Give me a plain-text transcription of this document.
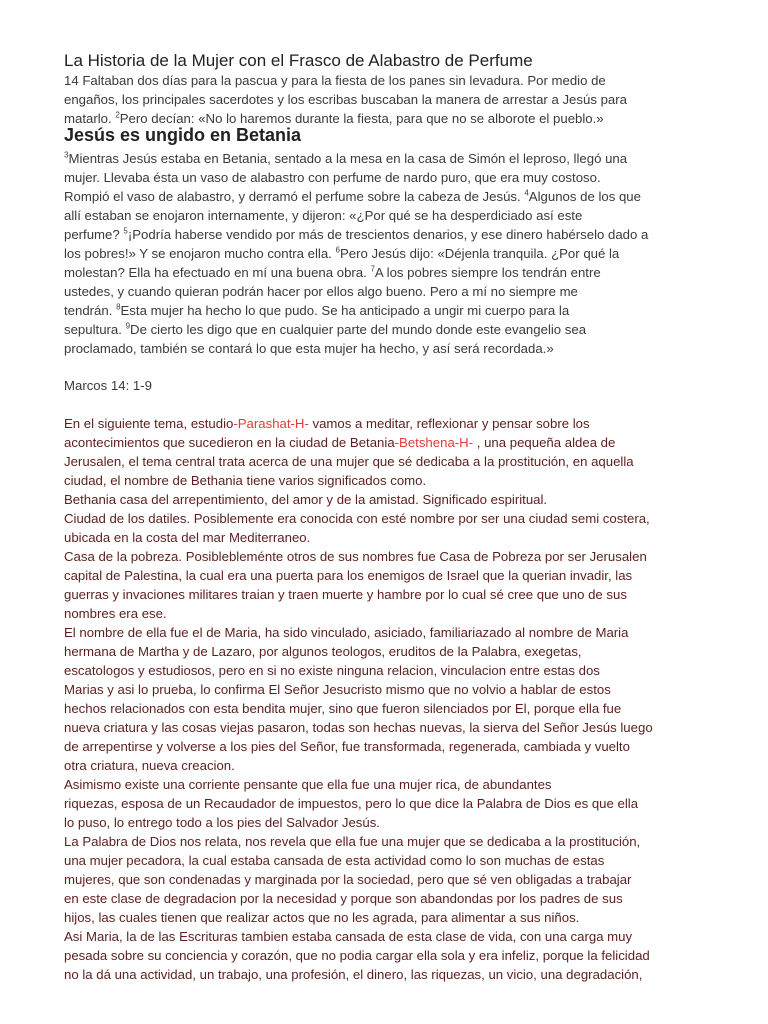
La Historia de la Mujer con el Frasco de Alabastro de Perfume

14 Faltaban dos días para la pascua y para la fiesta de los panes sin levadura. Por medio de

engaños, los principales sacerdotes y los escribas buscaban la manera de arrestar a Jesús para

matarlo. $^2$Pero decían: «No lo haremos durante la fiesta, para que no se alborote el pueblo.»

Jesús es ungido en Betania

$^3$Mientras Jesús estaba en Betania, sentado a la mesa en la casa de Simón el leproso, llegó una

mujer. Llevaba ésta un vaso de alabastro con perfume de nardo puro, que era muy costoso.

Rompió el vaso de alabastro, y derramó el perfume sobre la cabeza de Jesús. $^4$Algunos de los que

allí estaban se enojaron internamente, y dijeron: «¿Por qué se ha desperdiciado así este

perfume? $^5$¡Podría haberse vendido por más de trescientos denarios, y ese dinero habérselo dado a

los pobres!» Y se enojaron mucho contra ella. $^6$Pero Jesús dijo: «Déjenla tranquila. ¿Por qué la

molestan? Ella ha efectuado en mí una buena obra. $^7$A los pobres siempre los tendrán entre

ustedes, y cuando quieran podrán hacer por ellos algo bueno. Pero a mí no siempre me

tendrán. $^8$Esta mujer ha hecho lo que pudo. Se ha anticipado a ungir mi cuerpo para la

sepultura. $^9$De cierto les digo que en cualquier parte del mundo donde este evangelio sea

proclamado, también se contará lo que esta mujer ha hecho, y así será recordada.»

Marcos 14: 1-9

En el siguiente tema, estudio-Parashat-H- vamos a meditar, reflexionar y pensar sobre los

acontecimientos que sucedieron en la ciudad de Betania-Betshena-H- , una pequeña aldea de

Jerusalen, el tema central trata acerca de una mujer que sé dedicaba a la prostitución, en aquella

ciudad, el nombre de Bethania tiene varios significados como.

Bethania casa del arrepentimiento, del amor y de la amistad. Significado espiritual.

Ciudad de los datiles. Posiblemente era conocida con esté nombre por ser una ciudad semi costera,

ubicada en la costa del mar Mediterraneo.

Casa de la pobreza. Posiblebleménte otros de sus nombres fue Casa de Pobreza por ser Jerusalen

capital de Palestina, la cual era una puerta para los enemigos de Israel que la querian invadir, las

guerras y invaciones militares traian y traen muerte y hambre por lo cual sé cree que uno de sus

nombres era ese.

El nombre de ella fue el de Maria, ha sido vinculado, asiciado, familiariazado al nombre de Maria

hermana de Martha y de Lazaro, por algunos teologos, eruditos de la Palabra, exegetas,

escatologos y estudiosos, pero en si no existe ninguna relacion, vinculacion entre estas dos

Marias y asi lo prueba, lo confirma El Señor Jesucristo mismo que no volvio a hablar de estos

hechos relacionados con esta bendita mujer, sino que fueron silenciados por El, porque ella fue

nueva criatura y las cosas viejas pasaron, todas son hechas nuevas, la sierva del Señor Jesús luego

de arrepentirse y volverse a los pies del Señor, fue transformada, regenerada, cambiada y vuelto

otra criatura, nueva creacion.

Asimismo existe una corriente pensante que ella fue una mujer rica, de abundantes

riquezas, esposa de un Recaudador de impuestos, pero lo que dice la Palabra de Dios es que ella

lo puso, lo entrego todo a los pies del Salvador Jesús.

La Palabra de Dios nos relata, nos revela que ella fue una mujer que se dedicaba a la prostitución,

una mujer pecadora, la cual estaba cansada de esta actividad como lo son muchas de estas

mujeres, que son condenadas y marginada por la sociedad, pero que sé ven obligadas a trabajar

en este clase de degradacion por la necesidad y porque son abandondas por los padres de sus

hijos, las cuales tienen que realizar actos que no les agrada, para alimentar a sus niños.

Asi Maria, la de las Escrituras tambien estaba cansada de esta clase de vida, con una carga muy

pesada sobre su conciencia y corazón, que no podia cargar ella sola y era infeliz, porque la felicidad

no la dá una actividad, un trabajo, una profesión, el dinero, las riquezas, un vicio, una degradación,
